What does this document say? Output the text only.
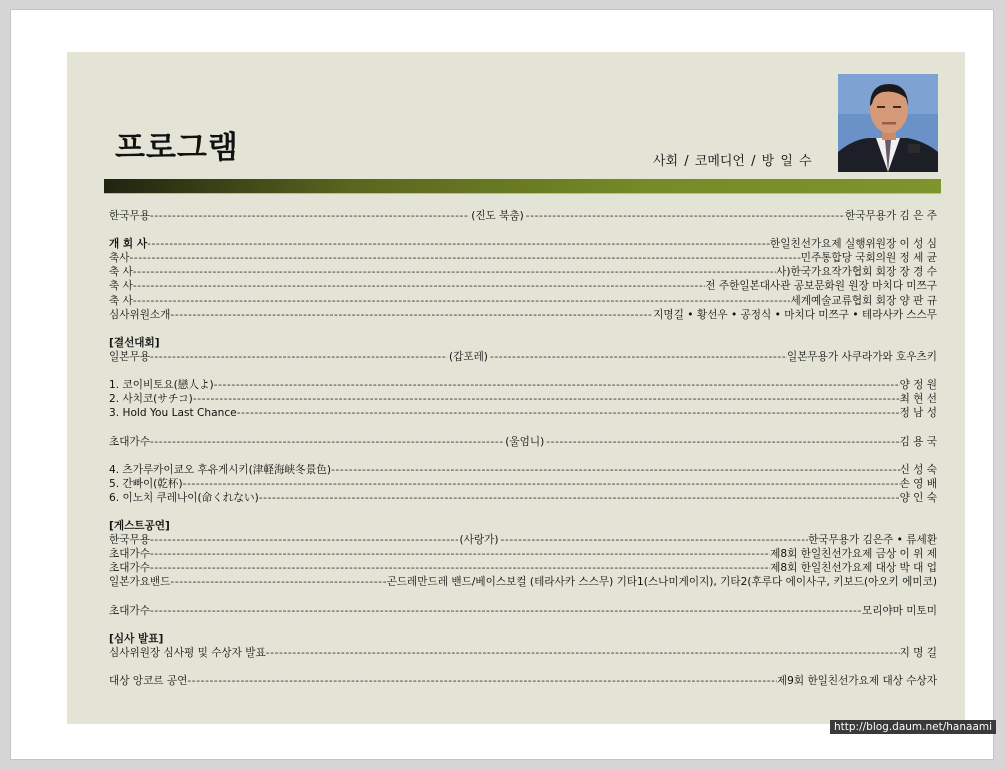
프로그램	사회 / 코메디언 / 방 일 수
한국무용 -----	(진도 북춤) -----	한국무용가 김 은 주
개 회 사 -----	한일친선가요제 실행위원장 이 성 심
축사 -----	민주통합당 국회의원 정 세 균
축 사 -----	사)한국가요작가협회 회장 장 경 수
축 사 -----	전 주한일본대사관 공보문화원 원장 마치다 미쯔구
축 사 -----	세계예술교류협회 회장 양 판 규
심사위원소개 -----	지명길 • 황선우 • 공정식 • 마치다 미쯔구 • 테라사카 스스무
[결선대회]
일본무용 -----	(갑포레) -----	일본무용가 사쿠라가와 호우츠키
1. 코이비토요(戀人よ) -----	양 정 원
2. 사치코(サチコ) -----	최 현 선
3. Hold You Last Chance -----	정 남 성
초대가수 -----	(울엄니) -----	김 용 국
4. 츠가루카이쿄오 후유게시키(津軽海峡冬景色) -----	신 성 숙
5. 간빠이(乾杯) -----	손 영 배
6. 이노치 쿠레나이(命くれない) -----	양 인 숙
[게스트공연]
한국무용 -----	(사랑가) -----	한국무용가 김은주 • 류세환
초대가수 -----	제8회 한일친선가요제 금상 이 위 제
초대가수 -----	제8회 한일친선가요제 대상 박 대 업
일본가요밴드 -----	곤드레만드레 밴드/베이스보컬 (테라사카 스스무) 기타1(스나미게이지), 기타2(후루다 에이사구, 키보드(아오키 에미코)
초대가수 -----	모리야마 미토미
[심사 발표]
심사위원장 심사평 및 수상자 발표 -----	지 명 길
대상 앙코르 공연 -----	제9회 한일친선가요제 대상 수상자
http://blog.daum.net/hanaami
